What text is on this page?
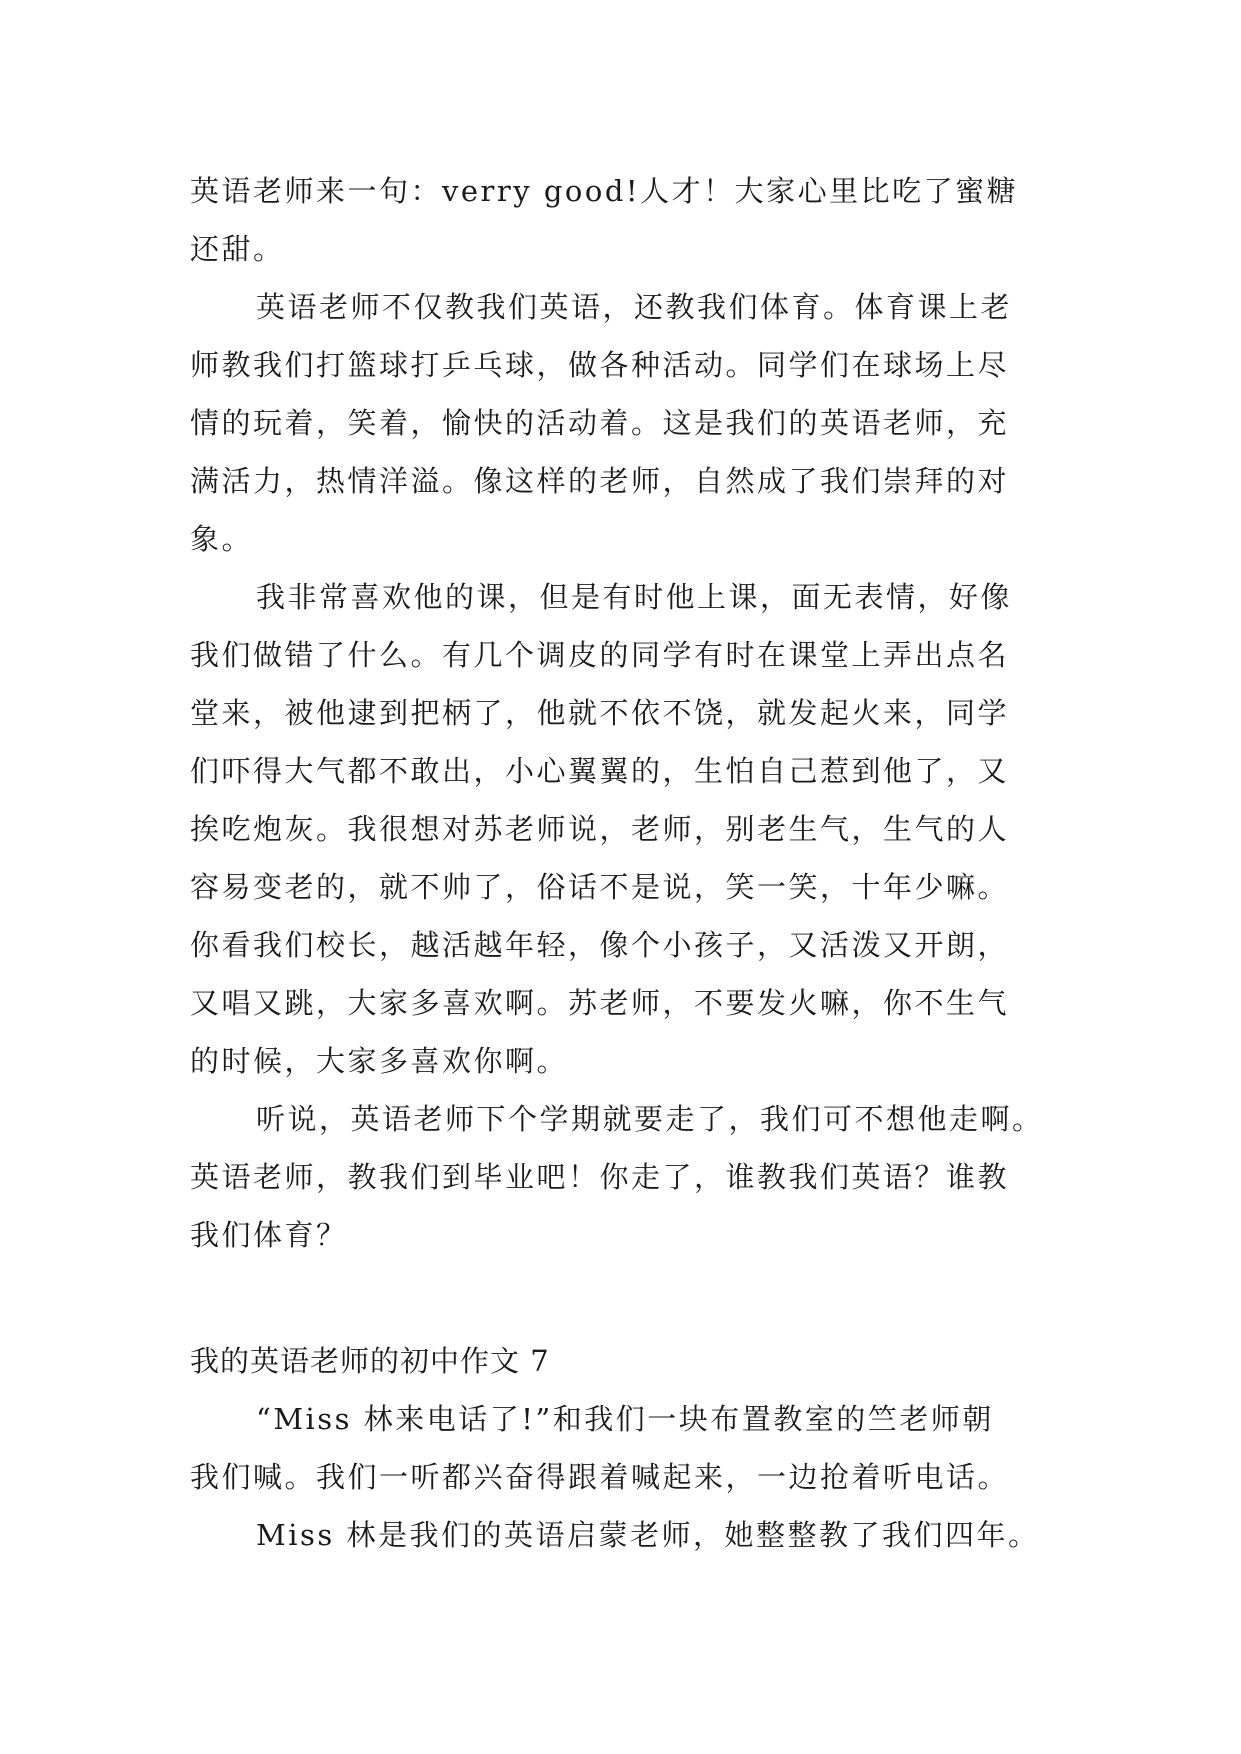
英语老师来一句：verry good!人才！大家心里比吃了蜜糖
还甜。
英语老师不仅教我们英语，还教我们体育。体育课上老
师教我们打篮球打乒乓球，做各种活动。同学们在球场上尽
情的玩着，笑着，愉快的活动着。这是我们的英语老师，充
满活力，热情洋溢。像这样的老师，自然成了我们崇拜的对
象。
我非常喜欢他的课，但是有时他上课，面无表情，好像
我们做错了什么。有几个调皮的同学有时在课堂上弄出点名
堂来，被他逮到把柄了，他就不依不饶，就发起火来，同学
们吓得大气都不敢出，小心翼翼的，生怕自己惹到他了，又
挨吃炮灰。我很想对苏老师说，老师，别老生气，生气的人
容易变老的，就不帅了，俗话不是说，笑一笑，十年少嘛。
你看我们校长，越活越年轻，像个小孩子，又活泼又开朗，
又唱又跳，大家多喜欢啊。苏老师，不要发火嘛，你不生气
的时候，大家多喜欢你啊。
听说，英语老师下个学期就要走了，我们可不想他走啊。
英语老师，教我们到毕业吧！你走了，谁教我们英语？谁教
我们体育？
我的英语老师的初中作文 7
“Miss 林来电话了!”和我们一块布置教室的竺老师朝
我们喊。我们一听都兴奋得跟着喊起来，一边抢着听电话。
Miss 林是我们的英语启蒙老师，她整整教了我们四年。
